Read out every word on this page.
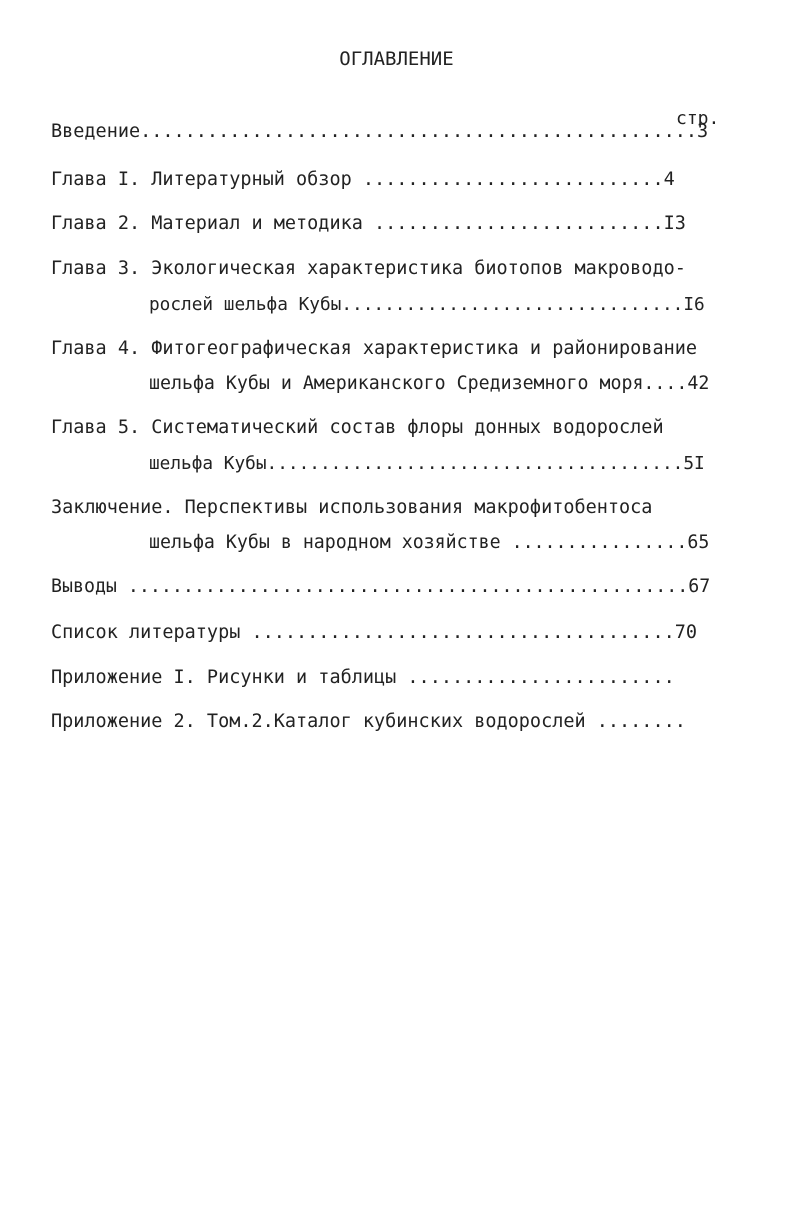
ОГЛАВЛЕНИЕ
стр.
Введение..................................................3
Глава I. Литературный обзор ...........................4
Глава 2. Материал и методика ..........................I3
Глава 3. Экологическая характеристика биотопов макроводо-
рослей шельфа Кубы................................I6
Глава 4. Фитогеографическая характеристика и районирование
шельфа Кубы и Американского Средиземного моря....42
Глава 5. Систематический состав флоры донных водорослей
шельфа Кубы.......................................5I
Заключение. Перспективы использования макрофитобентоса
шельфа Кубы в народном хозяйстве ................65
Выводы ...................................................67
Список литературы ......................................70
Приложение I. Рисунки и таблицы ........................
Приложение 2. Том.2.Каталог кубинских водорослей ........
